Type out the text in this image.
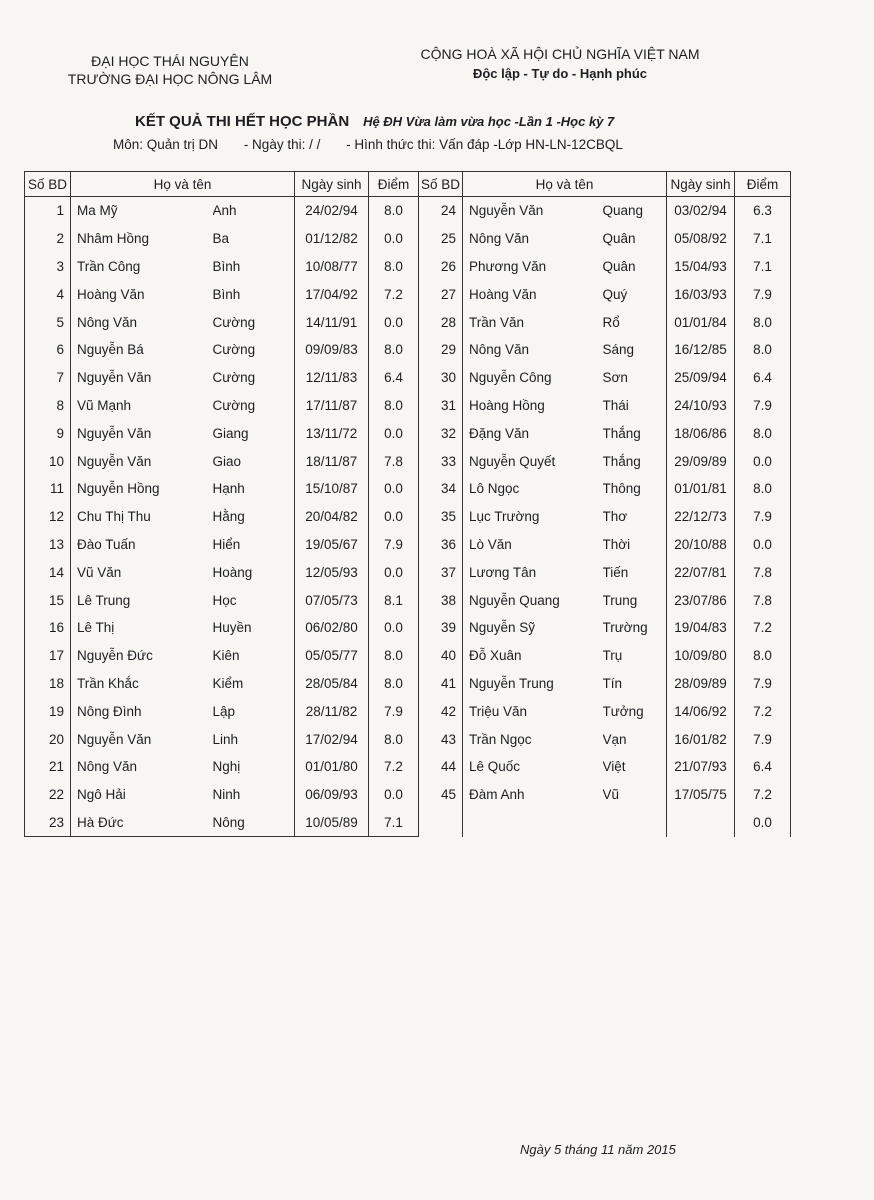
ĐẠI HỌC THÁI NGUYÊN
TRƯỜNG ĐẠI HỌC NÔNG LÂM
CỘNG HOÀ XÃ HỘI CHỦ NGHĨA VIỆT NAM
Độc lập - Tự do - Hạnh phúc
KẾT QUẢ THI HẾT HỌC PHẦN Hệ ĐH Vừa làm vừa học -Lần 1 -Học kỳ 7
Môn: Quản trị DN - Ngày thi: / / - Hình thức thi: Vấn đáp -Lớp HN-LN-12CBQL
Số BD	Họ và tên		Ngày sinh	Điểm	Số BD	Họ và tên		Ngày sinh	Điểm
1	Ma Mỹ	Anh	24/02/94	8.0	24	Nguyễn Văn	Quang	03/02/94	6.3
2	Nhâm Hồng	Ba	01/12/82	0.0	25	Nông Văn	Quân	05/08/92	7.1
3	Trần Công	Bình	10/08/77	8.0	26	Phương Văn	Quân	15/04/93	7.1
4	Hoàng Văn	Bình	17/04/92	7.2	27	Hoàng Văn	Quý	16/03/93	7.9
5	Nông Văn	Cường	14/11/91	0.0	28	Trần Văn	Rổ	01/01/84	8.0
6	Nguyễn Bá	Cường	09/09/83	8.0	29	Nông Văn	Sáng	16/12/85	8.0
7	Nguyễn Văn	Cường	12/11/83	6.4	30	Nguyễn Công	Sơn	25/09/94	6.4
8	Vũ Mạnh	Cường	17/11/87	8.0	31	Hoàng Hồng	Thái	24/10/93	7.9
9	Nguyễn Văn	Giang	13/11/72	0.0	32	Đặng Văn	Thắng	18/06/86	8.0
10	Nguyễn Văn	Giao	18/11/87	7.8	33	Nguyễn Quyết	Thắng	29/09/89	0.0
11	Nguyễn Hồng	Hạnh	15/10/87	0.0	34	Lô Ngọc	Thông	01/01/81	8.0
12	Chu Thị Thu	Hằng	20/04/82	0.0	35	Lục Trường	Thơ	22/12/73	7.9
13	Đào Tuấn	Hiển	19/05/67	7.9	36	Lò Văn	Thời	20/10/88	0.0
14	Vũ Văn	Hoàng	12/05/93	0.0	37	Lương Tân	Tiến	22/07/81	7.8
15	Lê Trung	Học	07/05/73	8.1	38	Nguyễn Quang	Trung	23/07/86	7.8
16	Lê Thị	Huyền	06/02/80	0.0	39	Nguyễn Sỹ	Trường	19/04/83	7.2
17	Nguyễn Đức	Kiên	05/05/77	8.0	40	Đỗ Xuân	Trụ	10/09/80	8.0
18	Trần Khắc	Kiểm	28/05/84	8.0	41	Nguyễn Trung	Tín	28/09/89	7.9
19	Nông Đình	Lập	28/11/82	7.9	42	Triệu Văn	Tưởng	14/06/92	7.2
20	Nguyễn Văn	Linh	17/02/94	8.0	43	Trần Ngọc	Vạn	16/01/82	7.9
21	Nông Văn	Nghị	01/01/80	7.2	44	Lê Quốc	Việt	21/07/93	6.4
22	Ngô Hải	Ninh	06/09/93	0.0	45	Đàm Anh	Vũ	17/05/75	7.2
23	Hà Đức	Nông	10/05/89	7.1					0.0
Ngày 5 tháng 11 năm 2015
